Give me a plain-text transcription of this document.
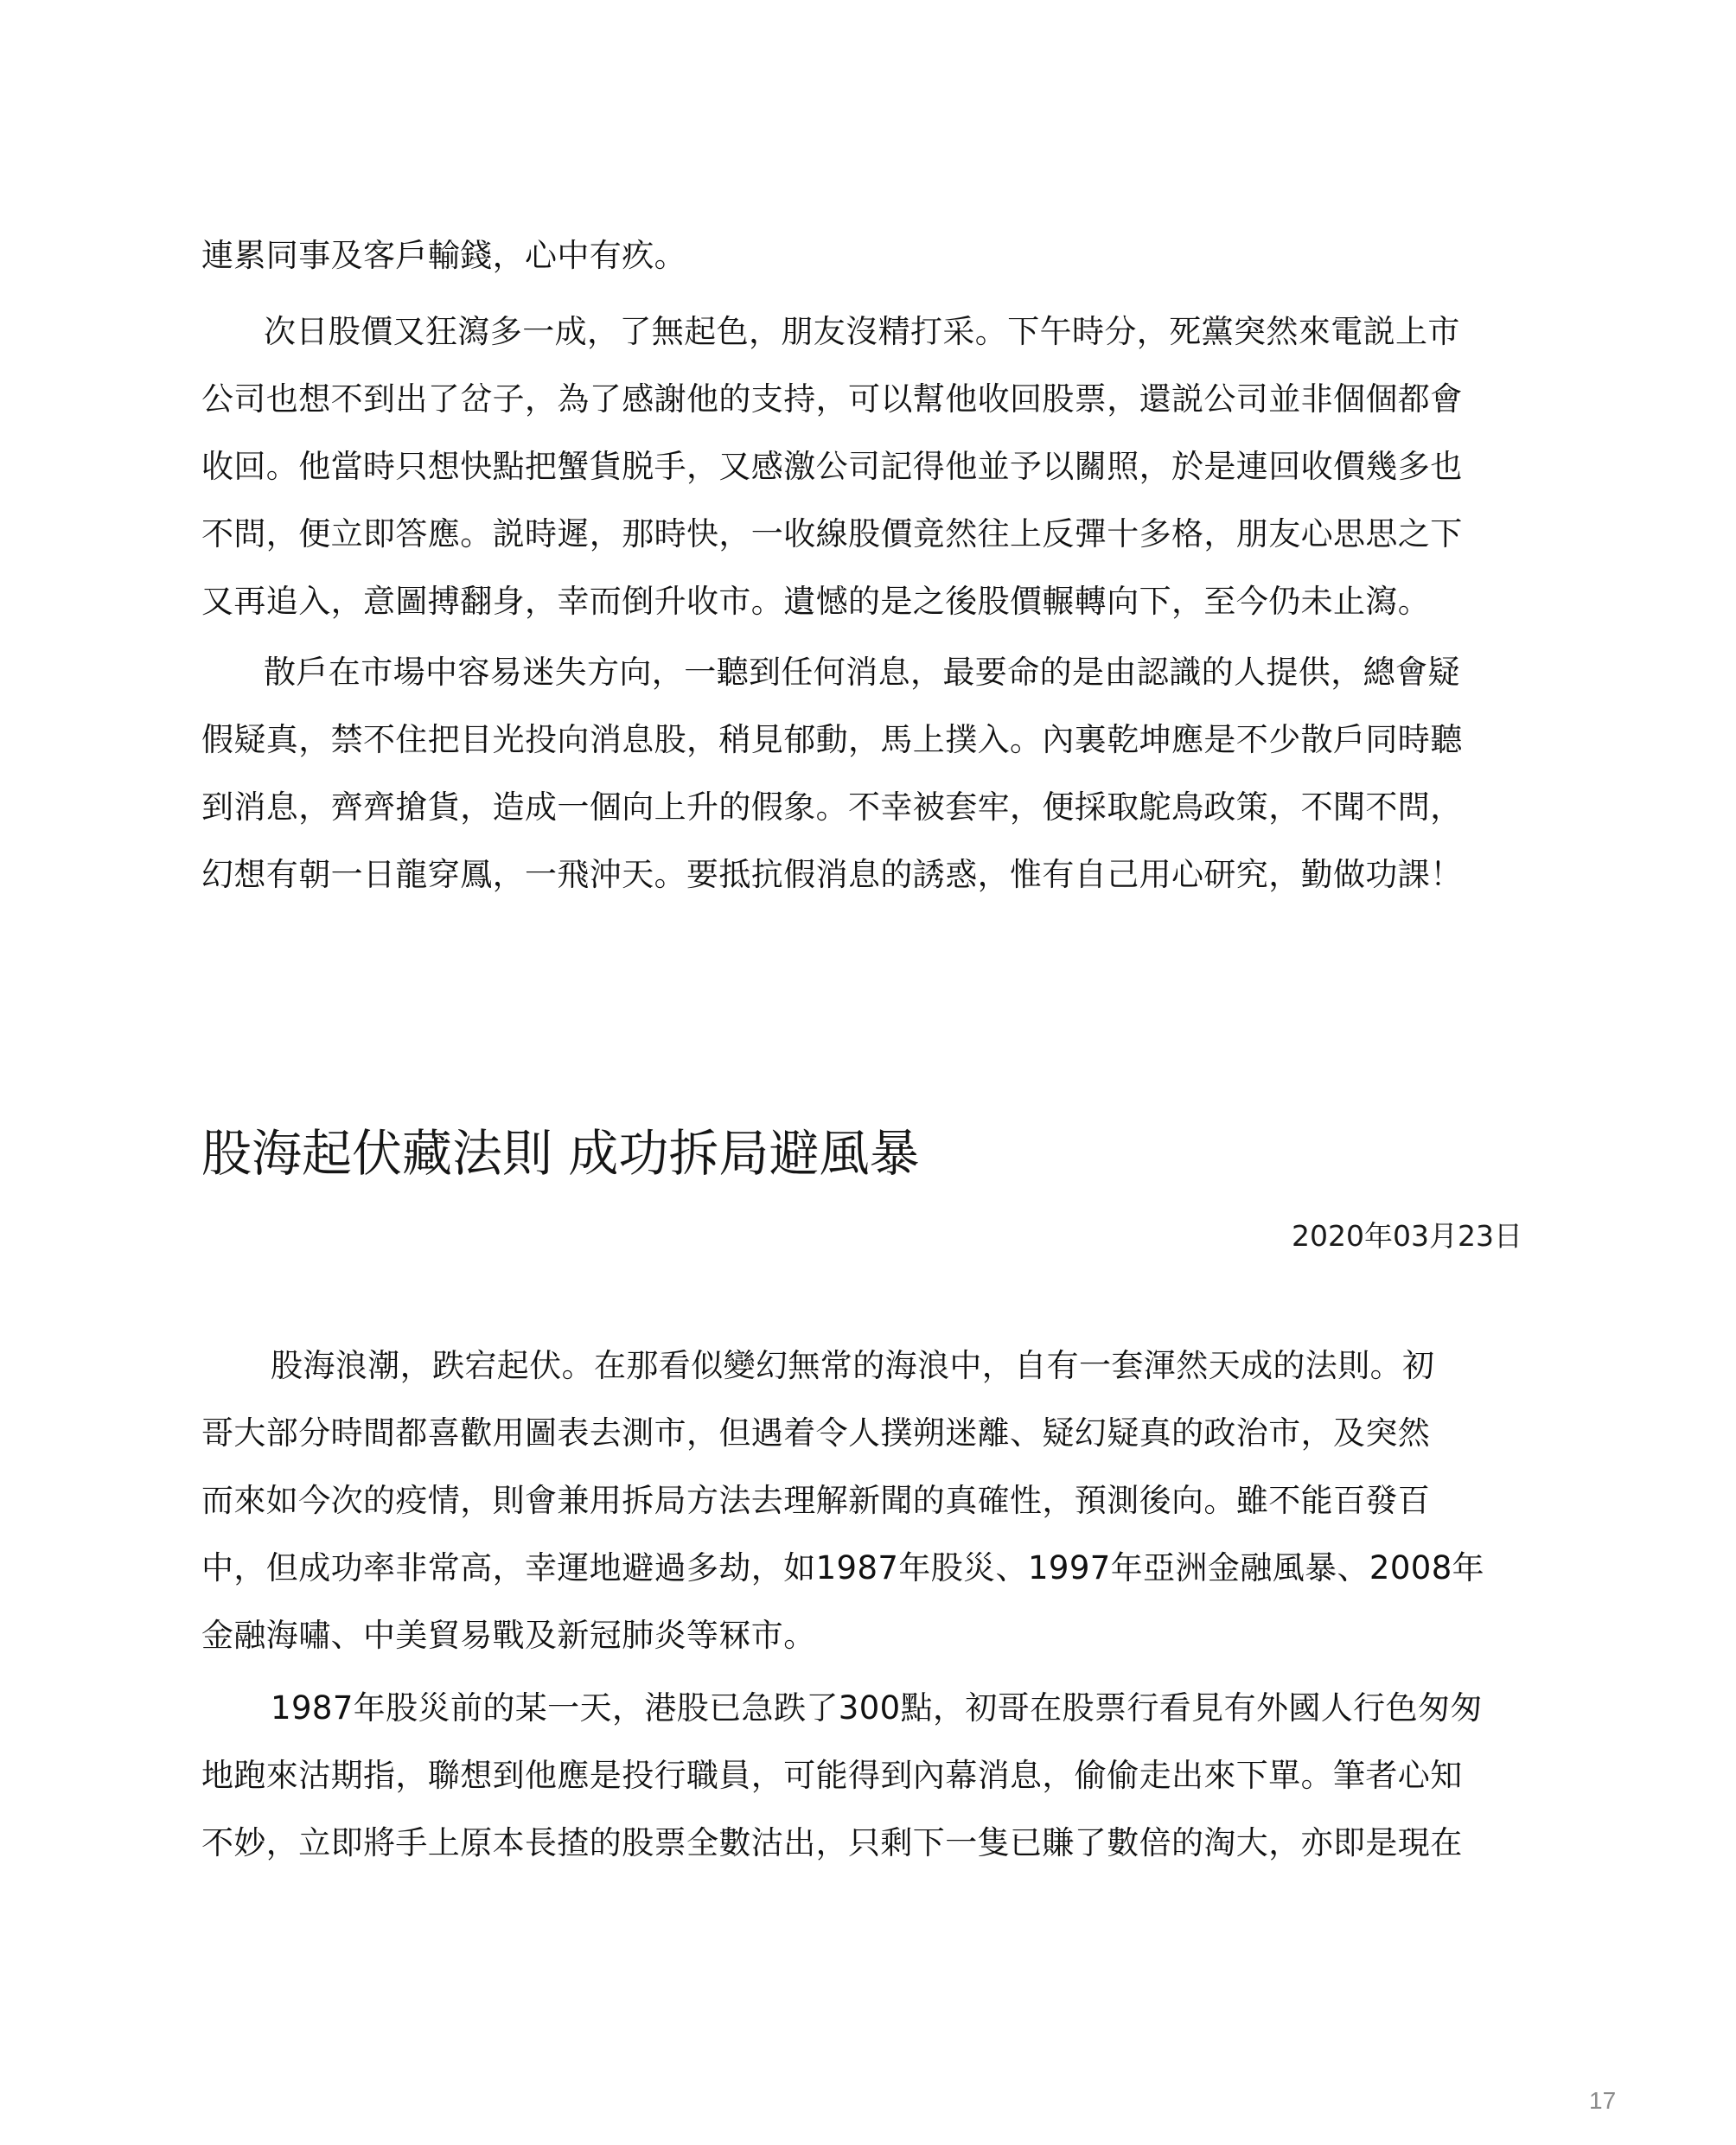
連累同事及客戶輸錢，心中有疚。
次日股價又狂瀉多一成，了無起色，朋友沒精打采。下午時分，死黨突然來電説上市
公司也想不到出了岔子，為了感謝他的支持，可以幫他收回股票，還説公司並非個個都會
收回。他當時只想快點把蟹貨脱手，又感激公司記得他並予以關照，於是連回收價幾多也
不問，便立即答應。説時遲，那時快，一收線股價竟然往上反彈十多格，朋友心思思之下
又再追入，意圖搏翻身，幸而倒升收市。遺憾的是之後股價輾轉向下，至今仍未止瀉。
散戶在市場中容易迷失方向，一聽到任何消息，最要命的是由認識的人提供，總會疑
假疑真，禁不住把目光投向消息股，稍見郁動，馬上撲入。內裏乾坤應是不少散戶同時聽
到消息，齊齊搶貨，造成一個向上升的假象。不幸被套牢，便採取鴕鳥政策，不聞不問，
幻想有朝一日龍穿鳳，一飛沖天。要抵抗假消息的誘惑，惟有自己用心研究，勤做功課！
股海起伏藏法則 成功拆局避風暴
2020年03月23日
股海浪潮，跌宕起伏。在那看似變幻無常的海浪中，自有一套渾然天成的法則。初
哥大部分時間都喜歡用圖表去測市，但遇着令人撲朔迷離、疑幻疑真的政治市，及突然
而來如今次的疫情，則會兼用拆局方法去理解新聞的真確性，預測後向。雖不能百發百
中，但成功率非常高，幸運地避過多劫，如1987年股災、1997年亞洲金融風暴、2008年
金融海嘯、中美貿易戰及新冠肺炎等冧市。
1987年股災前的某一天，港股已急跌了300點，初哥在股票行看見有外國人行色匆匆
地跑來沽期指，聯想到他應是投行職員，可能得到內幕消息，偷偷走出來下單。筆者心知
不妙，立即將手上原本長揸的股票全數沽出，只剩下一隻已賺了數倍的淘大，亦即是現在
17
